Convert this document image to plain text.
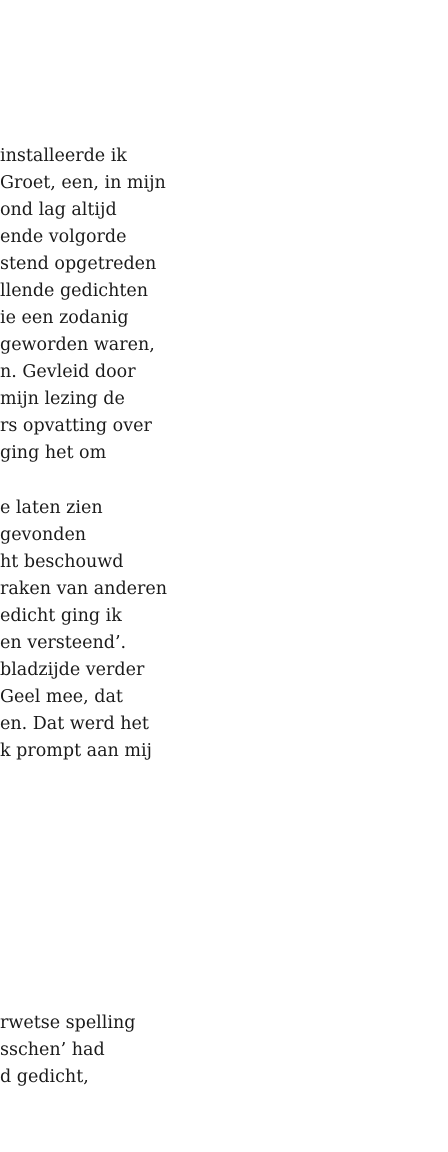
installeerde ik
Groet, een, in mijn
ond lag altijd
ende volgorde
stend opgetreden
llende gedichten
ie een zodanig
geworden waren,
n. Gevleid door
mijn lezing de
rs opvatting over
ging het om
e laten zien
gevonden
ht beschouwd
raken van anderen
edicht ging ik
en versteend’.
bladzijde verder
Geel mee, dat
en. Dat werd het
k prompt aan mij
rwetse spelling
sschen’ had
d gedicht,
